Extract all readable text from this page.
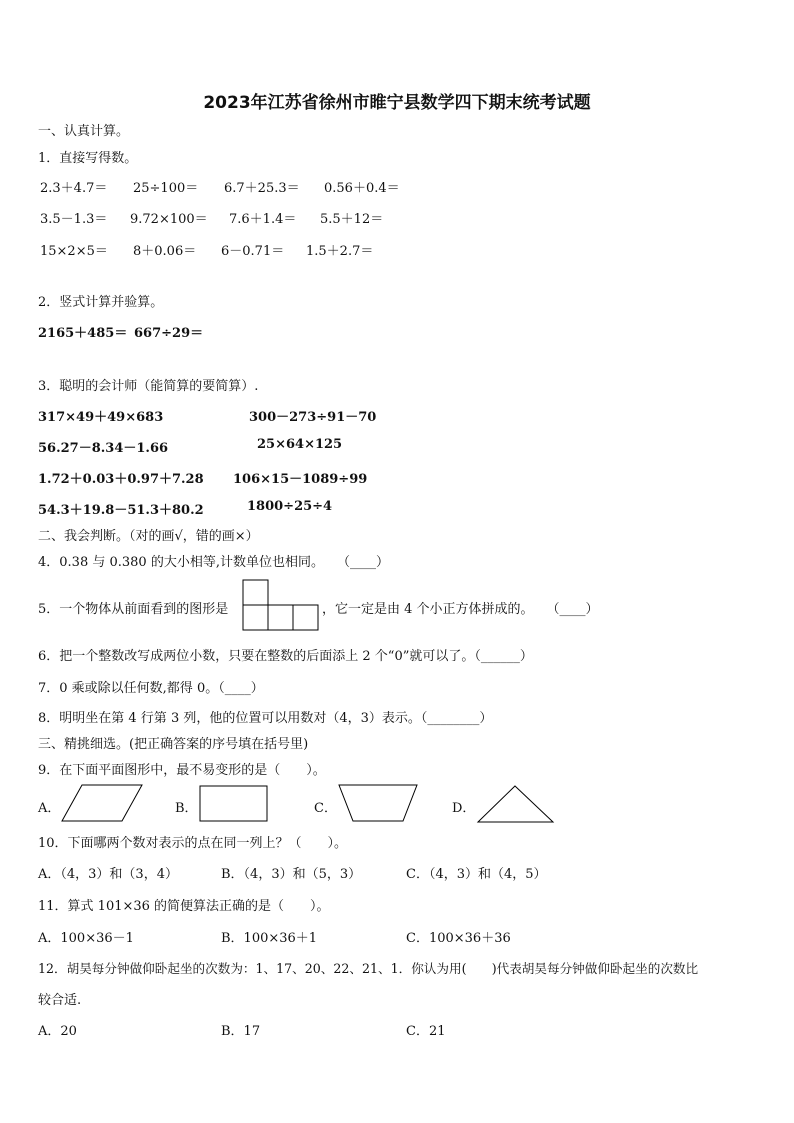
2023年江苏省徐州市睢宁县数学四下期末统考试题
一、认真计算。
1．直接写得数。
2.3＋4.7＝ 25÷100＝ 6.7＋25.3＝ 0.56＋0.4＝
3.5－1.3＝ 9.72×100＝ 7.6＋1.4＝ 5.5＋12＝
15×2×5＝ 8＋0.06＝ 6－0.71＝ 1.5＋2.7＝
2．竖式计算并验算。
2165＋485＝ 667÷29＝
3．聪明的会计师（能简算的要简算）.
317×49＋49×683	300－273÷91－70
56.27－8.34－1.66	25×64×125
1.72＋0.03＋0.97＋7.28 106×15－1089÷99
54.3＋19.8－51.3＋80.2	1800÷25÷4
二、我会判断。（对的画√，错的画×）
4．0.38 与 0.380 的大小相等,计数单位也相同。　　（____）
5．一个物体从前面看到的图形是	，它一定是由 4 个小正方体拼成的。　　（____）
6．把一个整数改写成两位小数，只要在整数的后面添上 2 个“0”就可以了。（______）
7．0 乘或除以任何数,都得 0。（____）
8．明明坐在第 4 行第 3 列，他的位置可以用数对（4，3）表示。（________）
三、精挑细选。(把正确答案的序号填在括号里)
9．在下面平面图形中，最不易变形的是（　　）。
A．	B．	C．	D．
10．下面哪两个数对表示的点在同一列上？（　　）。
A．（4，3）和（3，4）	B．（4，3）和（5，3）	C．（4，3）和（4，5）
11．算式 101×36 的简便算法正确的是（　　）。
A．100×36－1	B．100×36＋1	C．100×36＋36
12．胡昊每分钟做仰卧起坐的次数为：1、17、20、22、21、1．你认为用(　　)代表胡昊每分钟做仰卧起坐的次数比
较合适.
A．20	B．17	C．21
